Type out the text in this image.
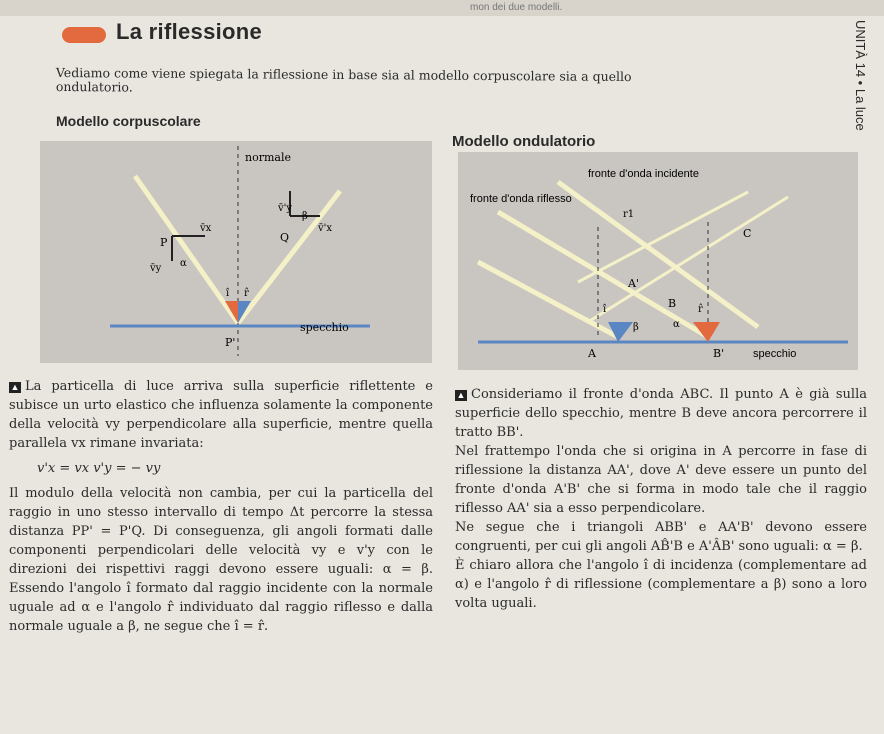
mon dei due modelli.
La riflessione
Vediamo come viene spiegata la riflessione in base sia al modello corpuscolare sia a quello ondulatorio.	UNITÀ 14 • La luce
Modello corpuscolare
Modello ondulatorio
normale
specchio
P	Q
P'
v̄x
v̄y
v̄'y
v̄'x
α
β
î r̂
fronte d'onda incidente
fronte d'onda riflesso
specchio
A
A'
B
B'
C
r1
α
β
î	r̂

▲ La particella di luce arriva sulla superficie riflettente e subisce un urto elastico che influenza solamente la componente della velocità vy perpendicolare alla superficie, mentre quella parallela vx rimane invariata:

v'x = vx v'y = − vy

Il modulo della velocità non cambia, per cui la particella del raggio in uno stesso intervallo di tempo Δt percorre la stessa distanza PP' = P'Q. Di conseguenza, gli angoli formati dalle componenti perpendicolari delle velocità vy e v'y con le direzioni dei rispettivi raggi devono essere uguali: α = β. Essendo l'angolo î formato dal raggio incidente con la normale uguale ad α e l'angolo r̂ individuato dal raggio riflesso e dalla normale uguale a β, ne segue che î = r̂.

▲ Consideriamo il fronte d'onda ABC. Il punto A è già sulla superficie dello specchio, mentre B deve ancora percorrere il tratto BB'.

Nel frattempo l'onda che si origina in A percorre in fase di riflessione la distanza AA', dove A' deve essere un punto del fronte d'onda A'B' che si forma in modo tale che il raggio riflesso AA' sia a esso perpendicolare.

Ne segue che i triangoli ABB' e AA'B' devono essere congruenti, per cui gli angoli AB̂'B e A'ÂB' sono uguali: α = β.

È chiaro allora che l'angolo î di incidenza (complementare ad α) e l'angolo r̂ di riflessione (complementare a β) sono a loro volta uguali.
